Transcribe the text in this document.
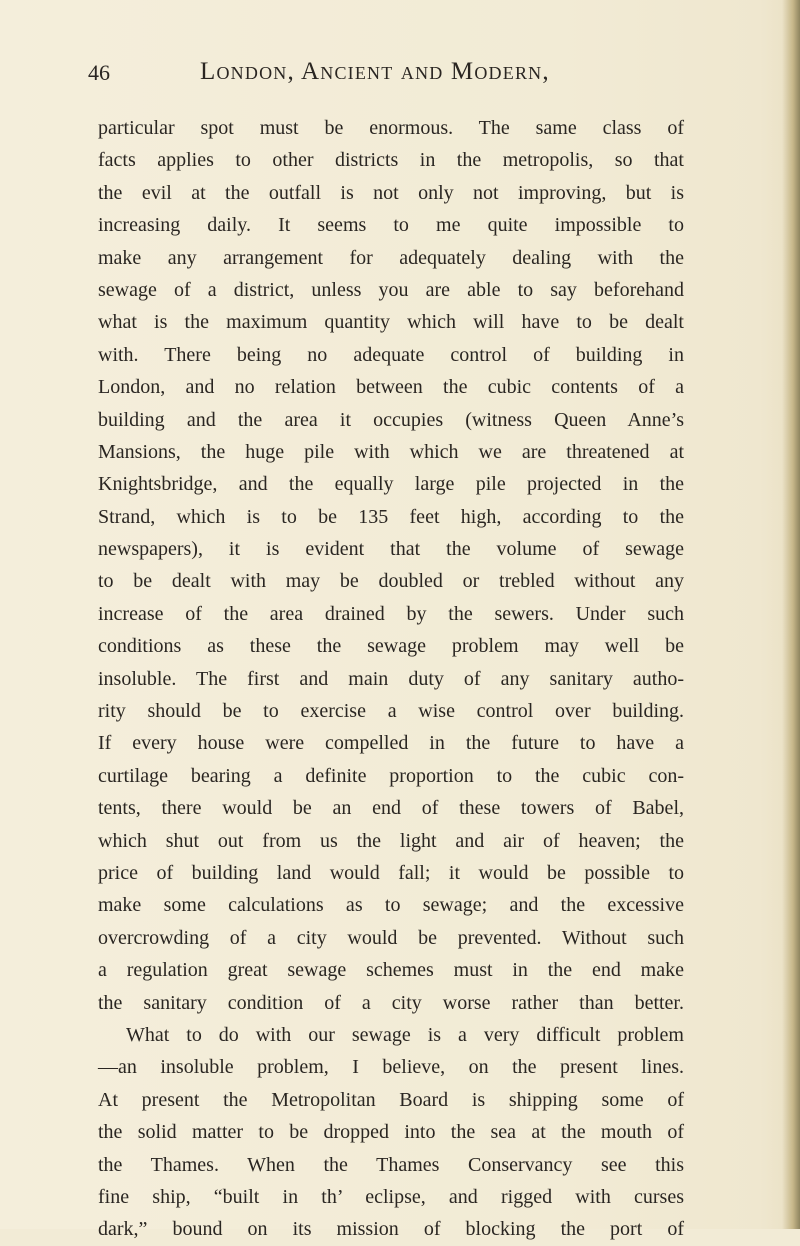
46	London, Ancient and Modern,
particular spot must be enormous. The same class of
facts applies to other districts in the metropolis, so that
the evil at the outfall is not only not improving, but is
increasing daily. It seems to me quite impossible to
make any arrangement for adequately dealing with the
sewage of a district, unless you are able to say beforehand
what is the maximum quantity which will have to be dealt
with. There being no adequate control of building in
London, and no relation between the cubic contents of a
building and the area it occupies (witness Queen Anne’s
Mansions, the huge pile with which we are threatened at
Knightsbridge, and the equally large pile projected in the
Strand, which is to be 135 feet high, according to the
newspapers), it is evident that the volume of sewage
to be dealt with may be doubled or trebled without any
increase of the area drained by the sewers. Under such
conditions as these the sewage problem may well be
insoluble. The first and main duty of any sanitary autho-
rity should be to exercise a wise control over building.
If every house were compelled in the future to have a
curtilage bearing a definite proportion to the cubic con-
tents, there would be an end of these towers of Babel,
which shut out from us the light and air of heaven; the
price of building land would fall; it would be possible to
make some calculations as to sewage; and the excessive
overcrowding of a city would be prevented. Without such
a regulation great sewage schemes must in the end make
the sanitary condition of a city worse rather than better.
What to do with our sewage is a very difficult problem
—an insoluble problem, I believe, on the present lines.
At present the Metropolitan Board is shipping some of
the solid matter to be dropped into the sea at the mouth of
the Thames. When the Thames Conservancy see this
fine ship, “built in th’ eclipse, and rigged with curses
dark,” bound on its mission of blocking the port of
